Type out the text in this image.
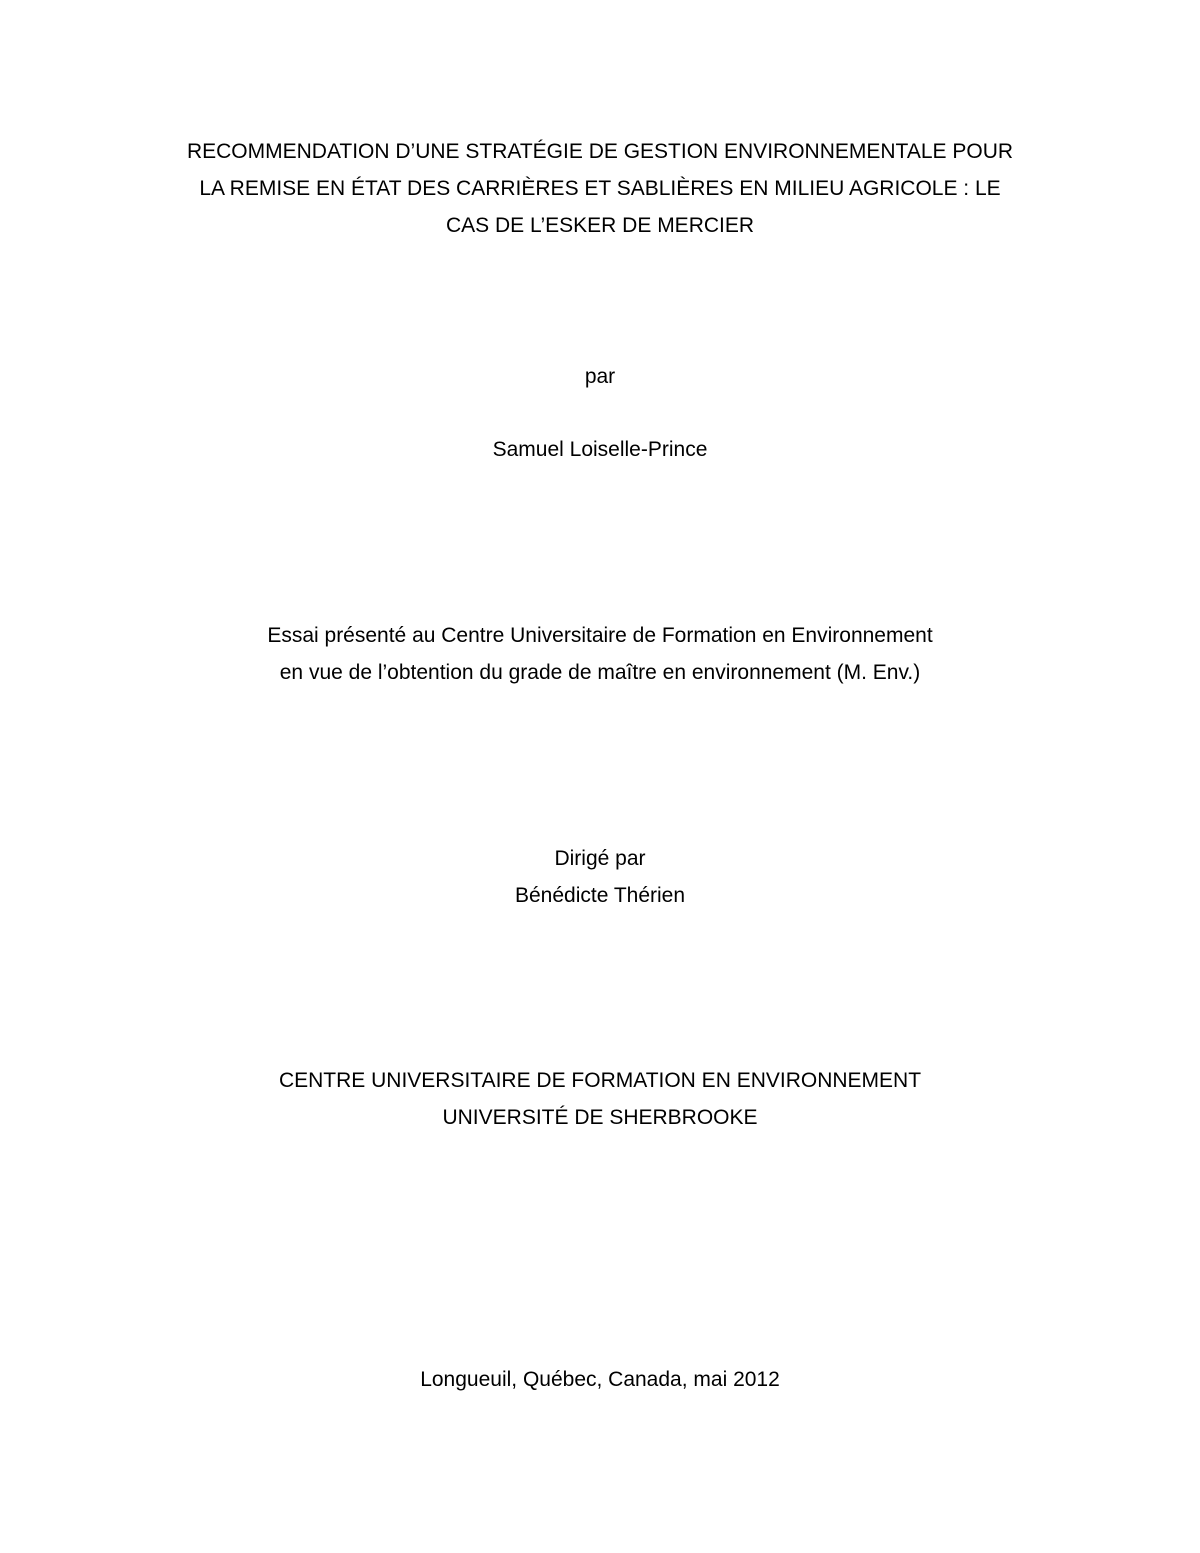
RECOMMENDATION D’UNE STRATÉGIE DE GESTION ENVIRONNEMENTALE POUR
LA REMISE EN ÉTAT DES CARRIÈRES ET SABLIÈRES EN MILIEU AGRICOLE : LE
CAS DE L’ESKER DE MERCIER
par
Samuel Loiselle-Prince
Essai présenté au Centre Universitaire de Formation en Environnement
en vue de l’obtention du grade de maître en environnement (M. Env.)
Dirigé par
Bénédicte Thérien
CENTRE UNIVERSITAIRE DE FORMATION EN ENVIRONNEMENT
UNIVERSITÉ DE SHERBROOKE
Longueuil, Québec, Canada, mai 2012
